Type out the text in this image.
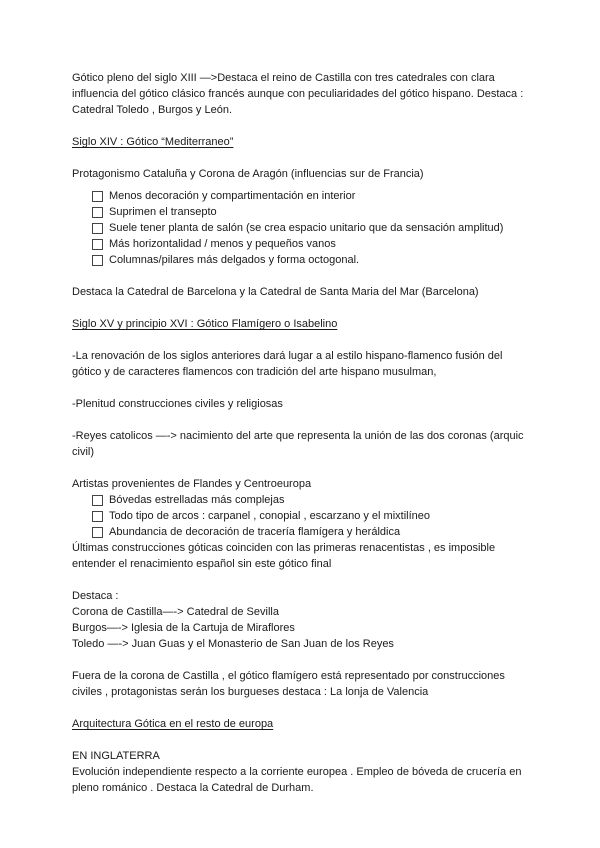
Gótico pleno del siglo XIII —>Destaca el reino de Castilla con tres catedrales con clara
influencia del gótico clásico francés aunque con peculiaridades del gótico hispano. Destaca :
Catedral Toledo , Burgos y León.

Siglo XIV : Gótico “Mediterraneo”

Protagonismo Cataluña y Corona de Aragón (influencias sur de Francia)

Menos decoración y compartimentación en interior
Suprimen el transepto
Suele tener planta de salón (se crea espacio unitario que da sensación amplitud)
Más horizontalidad / menos y pequeños vanos
Columnas/pilares más delgados y forma octogonal.

Destaca la Catedral de Barcelona y la Catedral de Santa Maria del Mar (Barcelona)

Siglo XV y principio XVI : Gótico Flamígero o Isabelino

-La renovación de los siglos anteriores dará lugar a al estilo hispano-flamenco fusión del
gótico y de caracteres flamencos con tradición del arte hispano musulman,

-Plenitud construcciones civiles y religiosas

-Reyes catolicos —-> nacimiento del arte que representa la unión de las dos coronas (arquic
civil)

Artistas provenientes de Flandes y Centroeuropa

Bóvedas estrelladas más complejas
Todo tipo de arcos : carpanel , conopial , escarzano y el mixtilíneo
Abundancia de decoración de tracería flamígera y heráldica

Últimas construcciones góticas coinciden con las primeras renacentistas , es imposible
entender el renacimiento español sin este gótico final

Destaca :
Corona de Castilla—-> Catedral de Sevilla
Burgos—-> Iglesia de la Cartuja de Miraflores
Toledo —-> Juan Guas y el Monasterio de San Juan de los Reyes

Fuera de la corona de Castilla , el gótico flamígero está representado por construcciones
civiles , protagonistas serán los burgueses destaca : La lonja de Valencia

Arquitectura Gótica en el resto de europa

EN INGLATERRA

Evolución independiente respecto a la corriente europea . Empleo de bóveda de crucería en
pleno románico . Destaca la Catedral de Durham.
